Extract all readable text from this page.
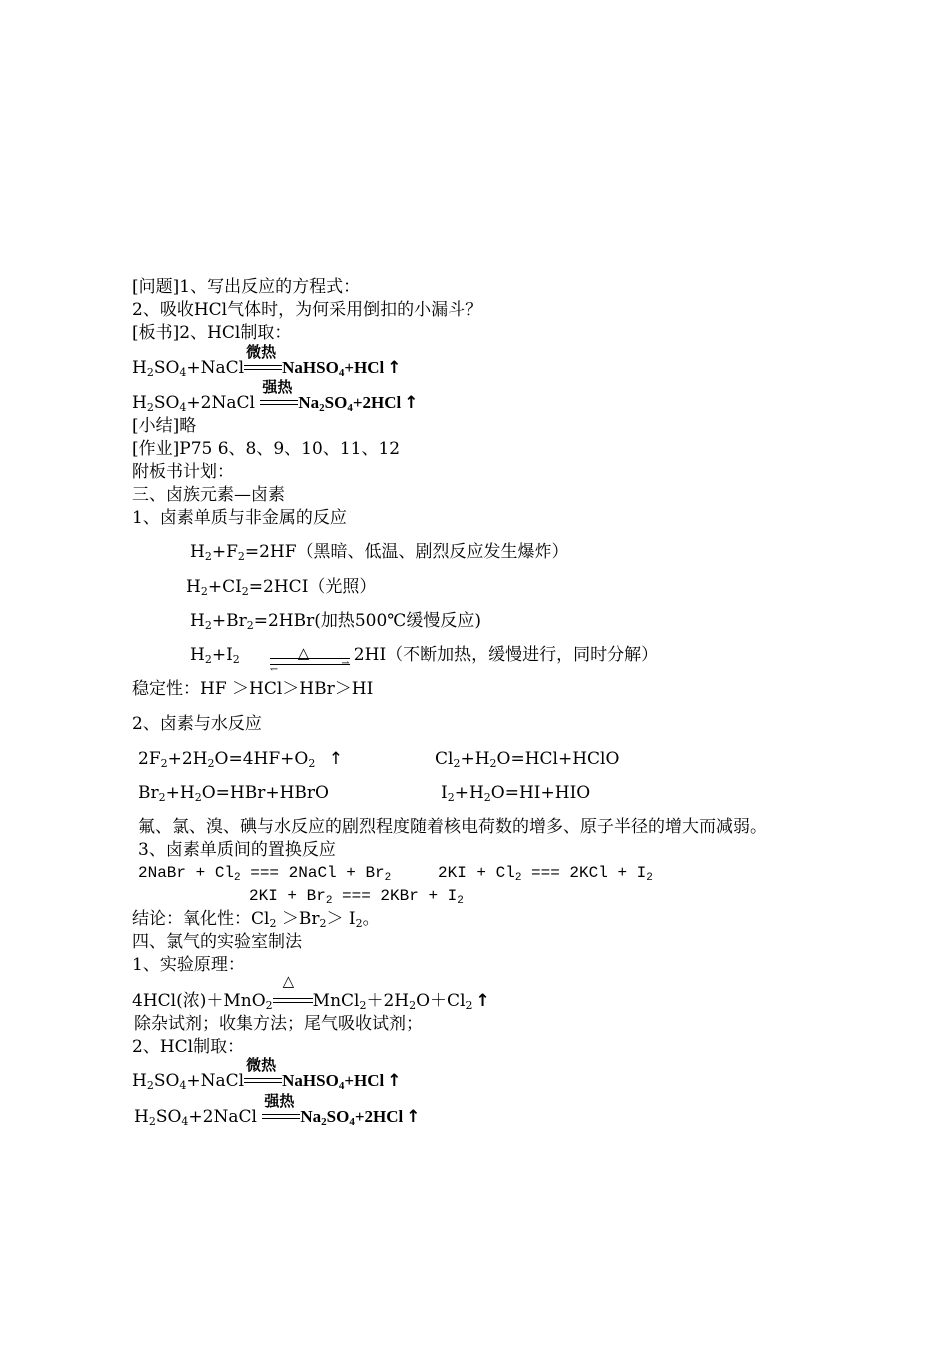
[问题]1、写出反应的方程式：
2、吸收HCl气体时，为何采用倒扣的小漏斗？
[板书]2、HCl制取：
$H_2SO_4+NaCl$
微热
NaHSO$_4$+HCl ↑
$H_2SO_4+2NaCl$
强热
$Na_2SO_4+2HCl$ ↑
[小结]略
[作业]P75 6、8、9、10、11、12
附板书计划：
三、卤族元素—卤素
1、卤素单质与非金属的反应
$H_2+F_2=2HF$（黑暗、低温、剧烈反应发生爆炸）
$H_2+CI_2=2HCI$（光照）
$H_2+Br_2=2HBr$(加热500℃缓慢反应)
$H_2+I_2$	△
⇀
↽
2HI（不断加热，缓慢进行，同时分解）
稳定性：HF ＞HCl＞HBr＞HI
2、卤素与水反应
$2F_2+2H_2O=4HF+O_2$ ↑	$Cl_2+H_2O=HCl+HClO$
$Br_2+H_2O=HBr+HBrO$	$I_2+H_2O=HI+HIO$
氟、氯、溴、碘与水反应的剧烈程度随着核电荷数的增多、原子半径的增大而减弱。
3、卤素单质间的置换反应
2NaBr + $Cl_2$ === 2NaCl + $Br_2$	$2KI + Cl_2$ === $2KCl + I_2$
$2KI + Br_2$ === $2KBr + I_2$
结论：氧化性：$Cl_2 >Br_2> I_2$。
四、氯气的实验室制法
1、实验原理：
4HCl(浓)＋MnO$_2$
△
$MnCl_2+2H_2O+Cl_2$ ↑
除杂试剂；收集方法；尾气吸收试剂；
2、HCl制取：
$H_2SO_4+NaCl$
微热
NaHSO$_4$+HCl ↑
$H_2SO_4+2NaCl$
强热
$Na_2SO_4+2HCl$ ↑
